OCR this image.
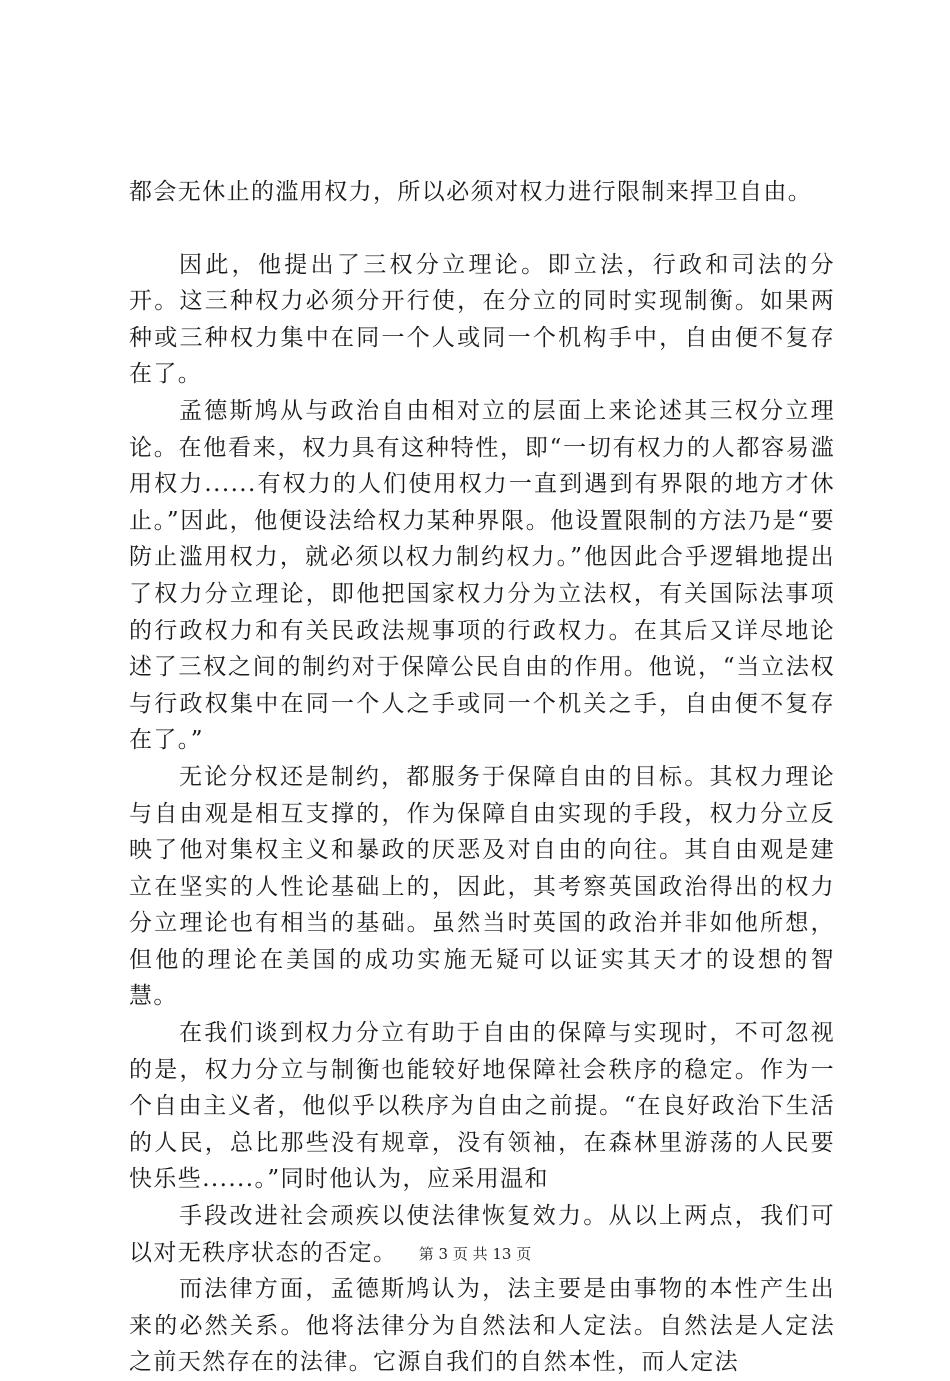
都会无休止的滥用权力，所以必须对权力进行限制来捍卫自由。

因此，他提出了三权分立理论。即立法，行政和司法的分开。这三种权力必须分开行使，在分立的同时实现制衡。如果两种或三种权力集中在同一个人或同一个机构手中，自由便不复存在了。

孟德斯鸠从与政治自由相对立的层面上来论述其三权分立理论。在他看来，权力具有这种特性，即“一切有权力的人都容易滥用权力......有权力的人们使用权力一直到遇到有界限的地方才休止。”因此，他便设法给权力某种界限。他设置限制的方法乃是“要防止滥用权力，就必须以权力制约权力。”他因此合乎逻辑地提出了权力分立理论，即他把国家权力分为立法权，有关国际法事项的行政权力和有关民政法规事项的行政权力。在其后又详尽地论述了三权之间的制约对于保障公民自由的作用。他说，“当立法权与行政权集中在同一个人之手或同一个机关之手，自由便不复存在了。”

无论分权还是制约，都服务于保障自由的目标。其权力理论与自由观是相互支撑的，作为保障自由实现的手段，权力分立反映了他对集权主义和暴政的厌恶及对自由的向往。其自由观是建立在坚实的人性论基础上的，因此，其考察英国政治得出的权力分立理论也有相当的基础。虽然当时英国的政治并非如他所想，但他的理论在美国的成功实施无疑可以证实其天才的设想的智慧。

在我们谈到权力分立有助于自由的保障与实现时，不可忽视的是，权力分立与制衡也能较好地保障社会秩序的稳定。作为一个自由主义者，他似乎以秩序为自由之前提。“在良好政治下生活的人民，总比那些没有规章，没有领袖，在森林里游荡的人民要快乐些......。”同时他认为，应采用温和

手段改进社会顽疾以使法律恢复效力。从以上两点，我们可以对无秩序状态的否定。

而法律方面，孟德斯鸠认为，法主要是由事物的本性产生出来的必然关系。他将法律分为自然法和人定法。自然法是人定法之前天然存在的法律。它源自我们的自然本性，而人定法

第 3 页 共 13 页
